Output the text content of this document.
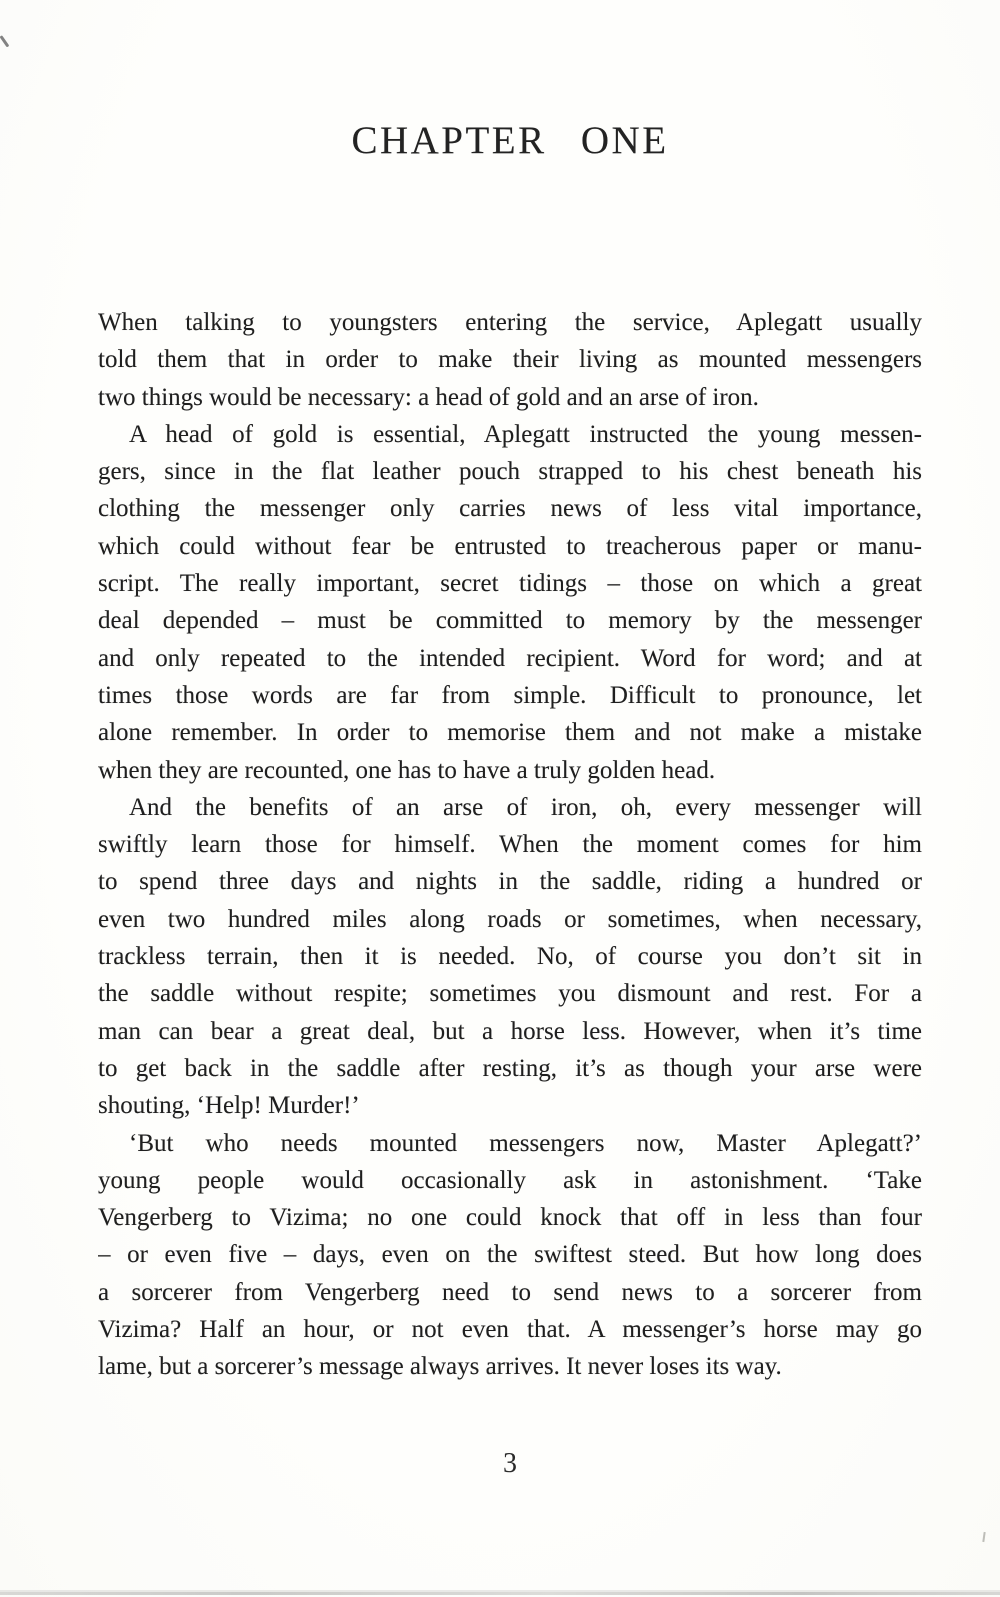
CHAPTER ONE
When talking to youngsters entering the service, Aplegatt usually
told them that in order to make their living as mounted messengers
two things would be necessary: a head of gold and an arse of iron.
A head of gold is essential, Aplegatt instructed the young messen-
gers, since in the flat leather pouch strapped to his chest beneath his
clothing the messenger only carries news of less vital importance,
which could without fear be entrusted to treacherous paper or manu-
script. The really important, secret tidings – those on which a great
deal depended – must be committed to memory by the messenger
and only repeated to the intended recipient. Word for word; and at
times those words are far from simple. Difficult to pronounce, let
alone remember. In order to memorise them and not make a mistake
when they are recounted, one has to have a truly golden head.
And the benefits of an arse of iron, oh, every messenger will
swiftly learn those for himself. When the moment comes for him
to spend three days and nights in the saddle, riding a hundred or
even two hundred miles along roads or sometimes, when necessary,
trackless terrain, then it is needed. No, of course you don’t sit in
the saddle without respite; sometimes you dismount and rest. For a
man can bear a great deal, but a horse less. However, when it’s time
to get back in the saddle after resting, it’s as though your arse were
shouting, ‘Help! Murder!’
‘But who needs mounted messengers now, Master Aplegatt?’
young people would occasionally ask in astonishment. ‘Take
Vengerberg to Vizima; no one could knock that off in less than four
– or even five – days, even on the swiftest steed. But how long does
a sorcerer from Vengerberg need to send news to a sorcerer from
Vizima? Half an hour, or not even that. A messenger’s horse may go
lame, but a sorcerer’s message always arrives. It never loses its way.
3
